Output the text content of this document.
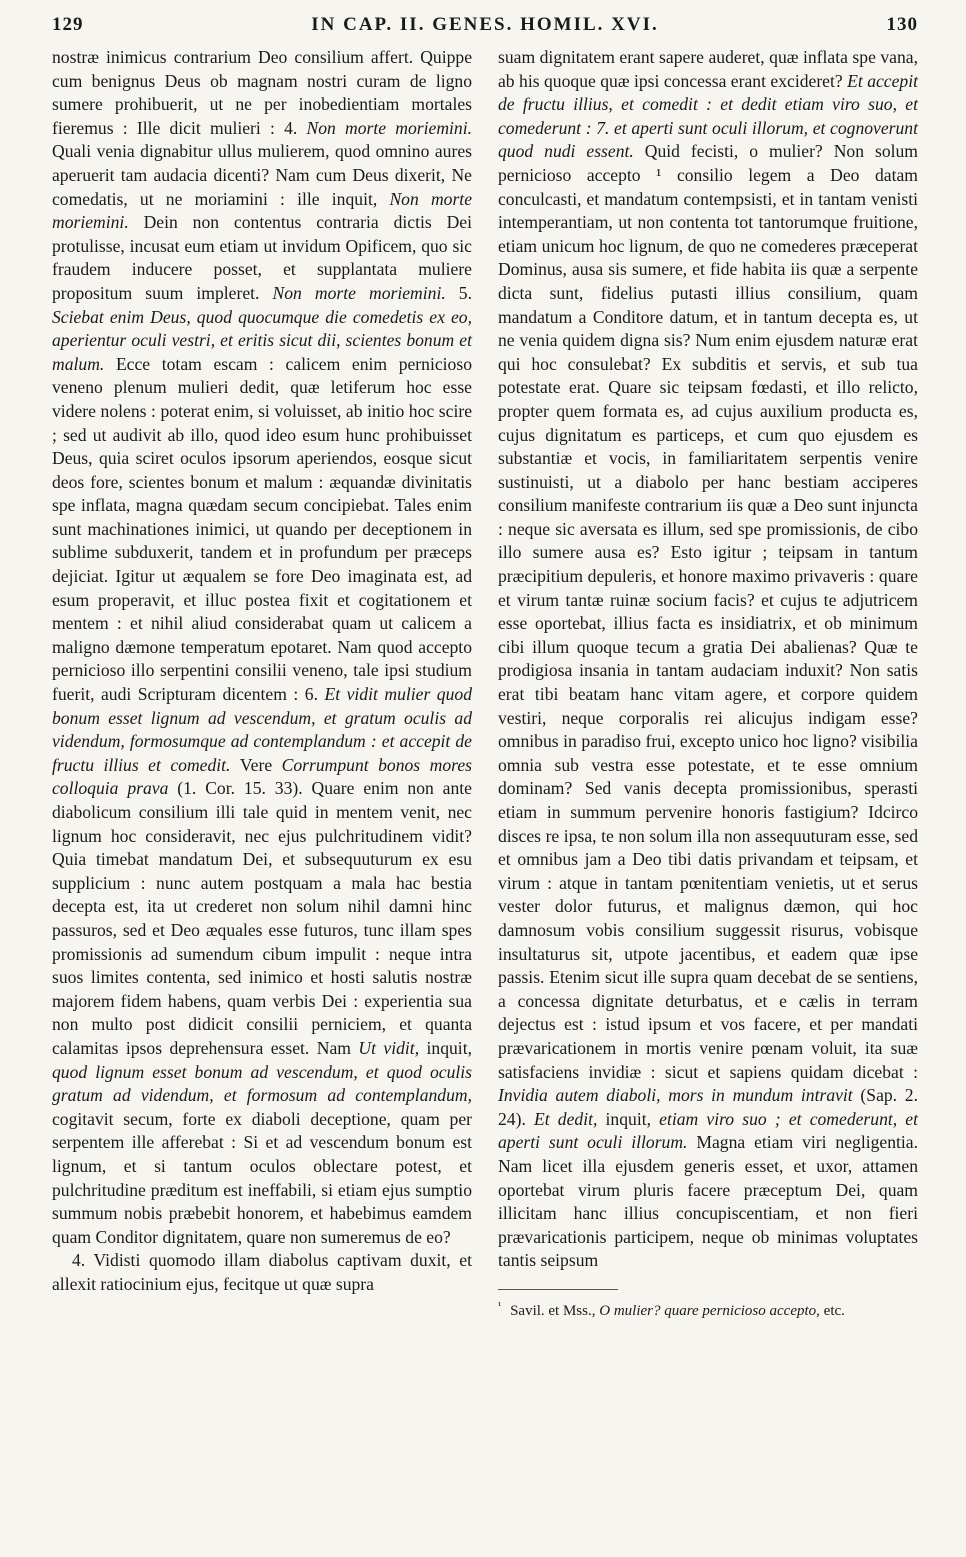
129	IN CAP. II. GENES. HOMIL. XVI.	130

nostræ inimicus contrarium Deo consilium affert. Quippe cum benignus Deus ob magnam nostri curam de ligno sumere prohibuerit, ut ne per inobedientiam mortales fieremus : Ille dicit mulieri : 4. Non morte moriemini. Quali venia dignabitur ullus mulierem, quod omnino aures aperuerit tam audacia dicenti? Nam cum Deus dixerit, Ne comedatis, ut ne moriamini : ille inquit, Non morte moriemini. Dein non contentus contraria dictis Dei protulisse, incusat eum etiam ut invidum Opificem, quo sic fraudem inducere posset, et supplantata muliere propositum suum impleret. Non morte moriemini. 5. Sciebat enim Deus, quod quocumque die comedetis ex eo, aperientur oculi vestri, et eritis sicut dii, scientes bonum et malum. Ecce totam escam : calicem enim pernicioso veneno plenum mulieri dedit, quæ letiferum hoc esse videre nolens : poterat enim, si voluisset, ab initio hoc scire ; sed ut audivit ab illo, quod ideo esum hunc prohibuisset Deus, quia sciret oculos ipsorum aperiendos, eosque sicut deos fore, scientes bonum et malum : æquandæ divinitatis spe inflata, magna quædam secum concipiebat. Tales enim sunt machinationes inimici, ut quando per deceptionem in sublime subduxerit, tandem et in profundum per præceps dejiciat. Igitur ut æqualem se fore Deo imaginata est, ad esum properavit, et illuc postea fixit et cogitationem et mentem : et nihil aliud considerabat quam ut calicem a maligno dæmone temperatum epotaret. Nam quod accepto pernicioso illo serpentini consilii veneno, tale ipsi studium fuerit, audi Scripturam dicentem : 6. Et vidit mulier quod bonum esset lignum ad vescendum, et gratum oculis ad videndum, formosumque ad contemplandum : et accepit de fructu illius et comedit. Vere Corrumpunt bonos mores colloquia prava (1. Cor. 15. 33). Quare enim non ante diabolicum consilium illi tale quid in mentem venit, nec lignum hoc consideravit, nec ejus pulchritudinem vidit? Quia timebat mandatum Dei, et subsequuturum ex esu supplicium : nunc autem postquam a mala hac bestia decepta est, ita ut crederet non solum nihil damni hinc passuros, sed et Deo æquales esse futuros, tunc illam spes promissionis ad sumendum cibum impulit : neque intra suos limites contenta, sed inimico et hosti salutis nostræ majorem fidem habens, quam verbis Dei : experientia sua non multo post didicit consilii perniciem, et quanta calamitas ipsos deprehensura esset. Nam Ut vidit, inquit, quod lignum esset bonum ad vescendum, et quod oculis gratum ad videndum, et formosum ad contemplandum, cogitavit secum, forte ex diaboli deceptione, quam per serpentem ille afferebat : Si et ad vescendum bonum est lignum, et si tantum oculos oblectare potest, et pulchritudine præditum est ineffabili, si etiam ejus sumptio summum nobis præbebit honorem, et habebimus eamdem quam Conditor dignitatem, quare non sumeremus de eo?

4. Vidisti quomodo illam diabolus captivam duxit, et allexit ratiocinium ejus, fecitque ut quæ supra

suam dignitatem erant sapere auderet, quæ inflata spe vana, ab his quoque quæ ipsi concessa erant excideret? Et accepit de fructu illius, et comedit : et dedit etiam viro suo, et comederunt : 7. et aperti sunt oculi illorum, et cognoverunt quod nudi essent. Quid fecisti, o mulier? Non solum pernicioso accepto ¹ consilio legem a Deo datam conculcasti, et mandatum contempsisti, et in tantam venisti intemperantiam, ut non contenta tot tantorumque fruitione, etiam unicum hoc lignum, de quo ne comederes præceperat Dominus, ausa sis sumere, et fide habita iis quæ a serpente dicta sunt, fidelius putasti illius consilium, quam mandatum a Conditore datum, et in tantum decepta es, ut ne venia quidem digna sis? Num enim ejusdem naturæ erat qui hoc consulebat? Ex subditis et servis, et sub tua potestate erat. Quare sic teipsam fœdasti, et illo relicto, propter quem formata es, ad cujus auxilium producta es, cujus dignitatum es particeps, et cum quo ejusdem es substantiæ et vocis, in familiaritatem serpentis venire sustinuisti, ut a diabolo per hanc bestiam acciperes consilium manifeste contrarium iis quæ a Deo sunt injuncta : neque sic aversata es illum, sed spe promissionis, de cibo illo sumere ausa es? Esto igitur ; teipsam in tantum præcipitium depuleris, et honore maximo privaveris : quare et virum tantæ ruinæ socium facis? et cujus te adjutricem esse oportebat, illius facta es insidiatrix, et ob minimum cibi illum quoque tecum a gratia Dei abalienas? Quæ te prodigiosa insania in tantam audaciam induxit? Non satis erat tibi beatam hanc vitam agere, et corpore quidem vestiri, neque corporalis rei alicujus indigam esse? omnibus in paradiso frui, excepto unico hoc ligno? visibilia omnia sub vestra esse potestate, et te esse omnium dominam? Sed vanis decepta promissionibus, sperasti etiam in summum pervenire honoris fastigium? Idcirco disces re ipsa, te non solum illa non assequuturam esse, sed et omnibus jam a Deo tibi datis privandam et teipsam, et virum : atque in tantam pœnitentiam venietis, ut et serus vester dolor futurus, et malignus dæmon, qui hoc damnosum vobis consilium suggessit risurus, vobisque insultaturus sit, utpote jacentibus, et eadem quæ ipse passis. Etenim sicut ille supra quam decebat de se sentiens, a concessa dignitate deturbatus, et e cælis in terram dejectus est : istud ipsum et vos facere, et per mandati prævaricationem in mortis venire pœnam voluit, ita suæ satisfaciens invidiæ : sicut et sapiens quidam dicebat : Invidia autem diaboli, mors in mundum intravit (Sap. 2. 24). Et dedit, inquit, etiam viro suo ; et comederunt, et aperti sunt oculi illorum. Magna etiam viri negligentia. Nam licet illa ejusdem generis esset, et uxor, attamen oportebat virum pluris facere præceptum Dei, quam illicitam hanc illius concupiscentiam, et non fieri prævaricationis participem, neque ob minimas voluptates tantis seipsum

$^{^1}$ Savil. et Mss., O mulier? quare pernicioso accepto, etc.
